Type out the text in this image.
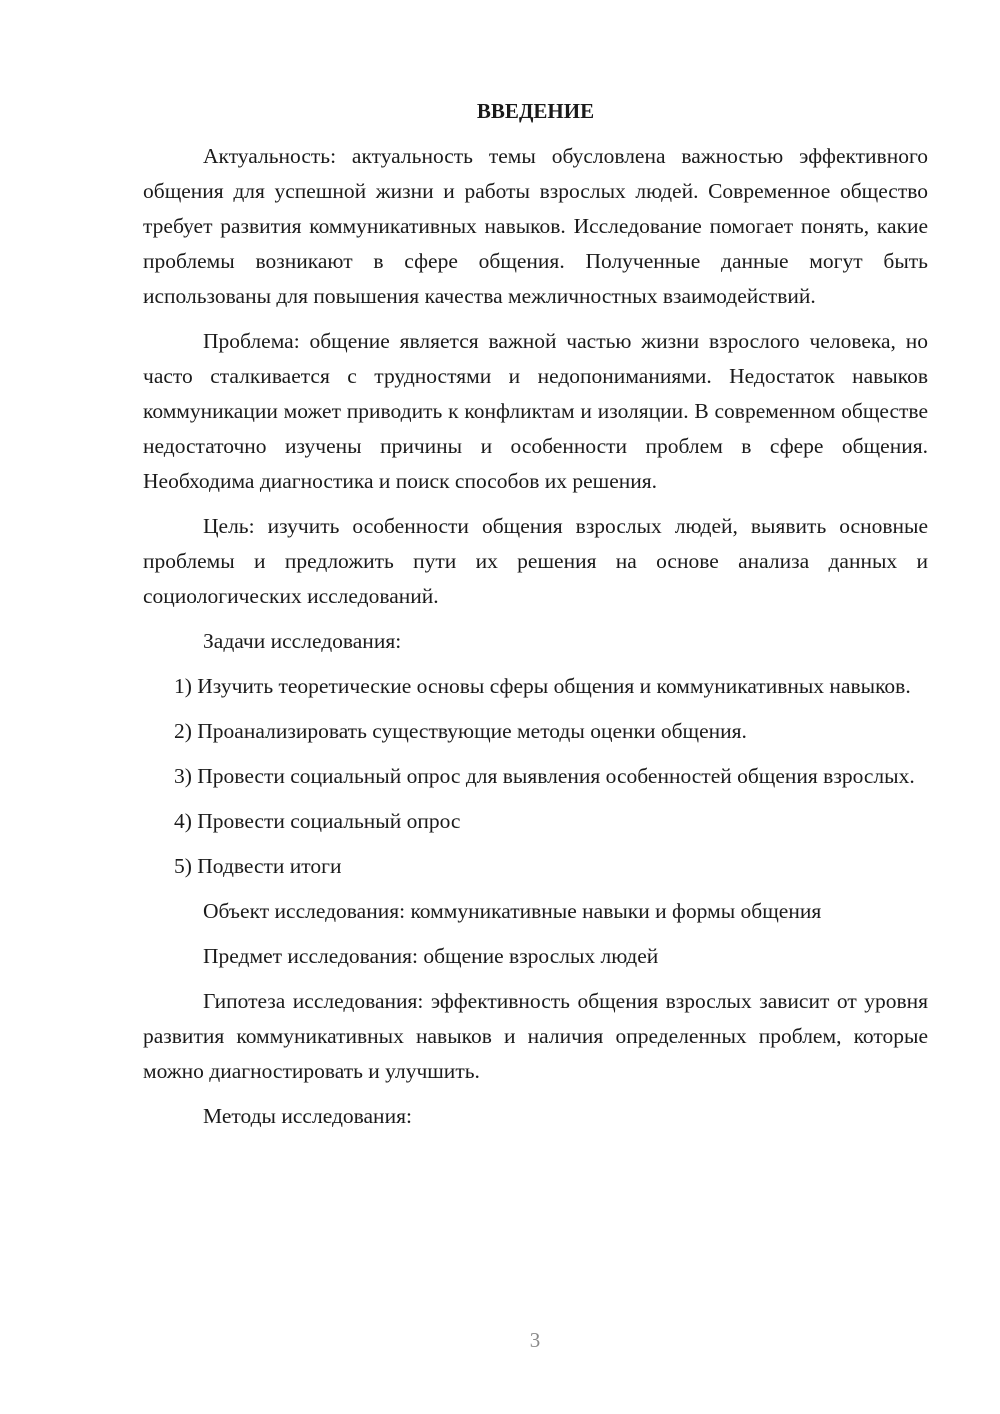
ВВЕДЕНИЕ

Актуальность: актуальность темы обусловлена важностью эффективного общения для успешной жизни и работы взрослых людей. Современное общество требует развития коммуникативных навыков. Исследование помогает понять, какие проблемы возникают в сфере общения. Полученные данные могут быть использованы для повышения качества межличностных взаимодействий.

Проблема: общение является важной частью жизни взрослого человека, но часто сталкивается с трудностями и недопониманиями. Недостаток навыков коммуникации может приводить к конфликтам и изоляции. В современном обществе недостаточно изучены причины и особенности проблем в сфере общения. Необходима диагностика и поиск способов их решения.

Цель: изучить особенности общения взрослых людей, выявить основные проблемы и предложить пути их решения на основе анализа данных и социологических исследований.

Задачи исследования:

1) Изучить теоретические основы сферы общения и коммуникативных навыков.

2) Проанализировать существующие методы оценки общения.

3) Провести социальный опрос для выявления особенностей общения взрослых.

4) Провести социальный опрос

5) Подвести итоги

Объект исследования: коммуникативные навыки и формы общения

Предмет исследования: общение взрослых людей

Гипотеза исследования: эффективность общения взрослых зависит от уровня развития коммуникативных навыков и наличия определенных проблем, которые можно диагностировать и улучшить.

Методы исследования:

3
